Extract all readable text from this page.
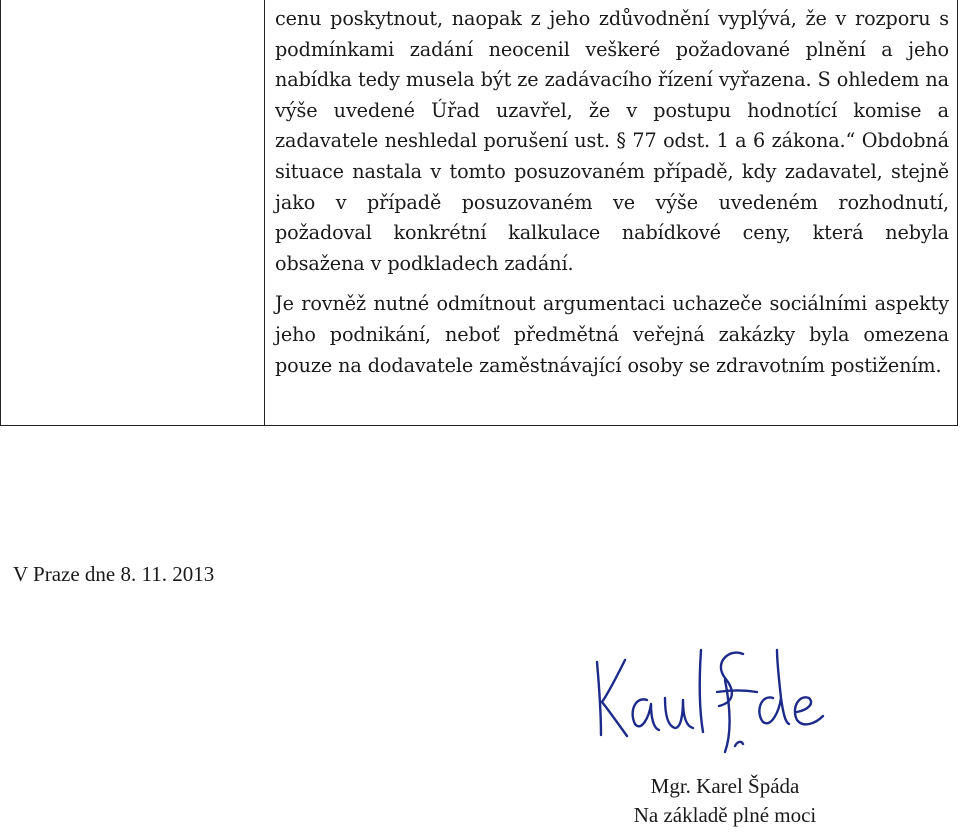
cenu poskytnout, naopak z jeho zdůvodnění vyplývá, že v rozporu s podmínkami zadání neocenil veškeré požadované plnění a jeho nabídka tedy musela být ze zadávacího řízení vyřazena. S ohledem na výše uvedené Úřad uzavřel, že v postupu hodnotící komise a zadavatele neshledal porušení ust. § 77 odst. 1 a 6 zákona.“ Obdobná situace nastala v tomto posuzovaném případě, kdy zadavatel, stejně jako v případě posuzovaném ve výše uvedeném rozhodnutí, požadoval konkrétní kalkulace nabídkové ceny, která nebyla obsažena v podkladech zadání.

Je rovněž nutné odmítnout argumentaci uchazeče sociálními aspekty jeho podnikání, neboť předmětná veřejná zakázky byla omezena pouze na dodavatele zaměstnávající osoby se zdravotním postižením.

V Praze dne 8. 11. 2013
Mgr. Karel Špáda
Na základě plné moci
